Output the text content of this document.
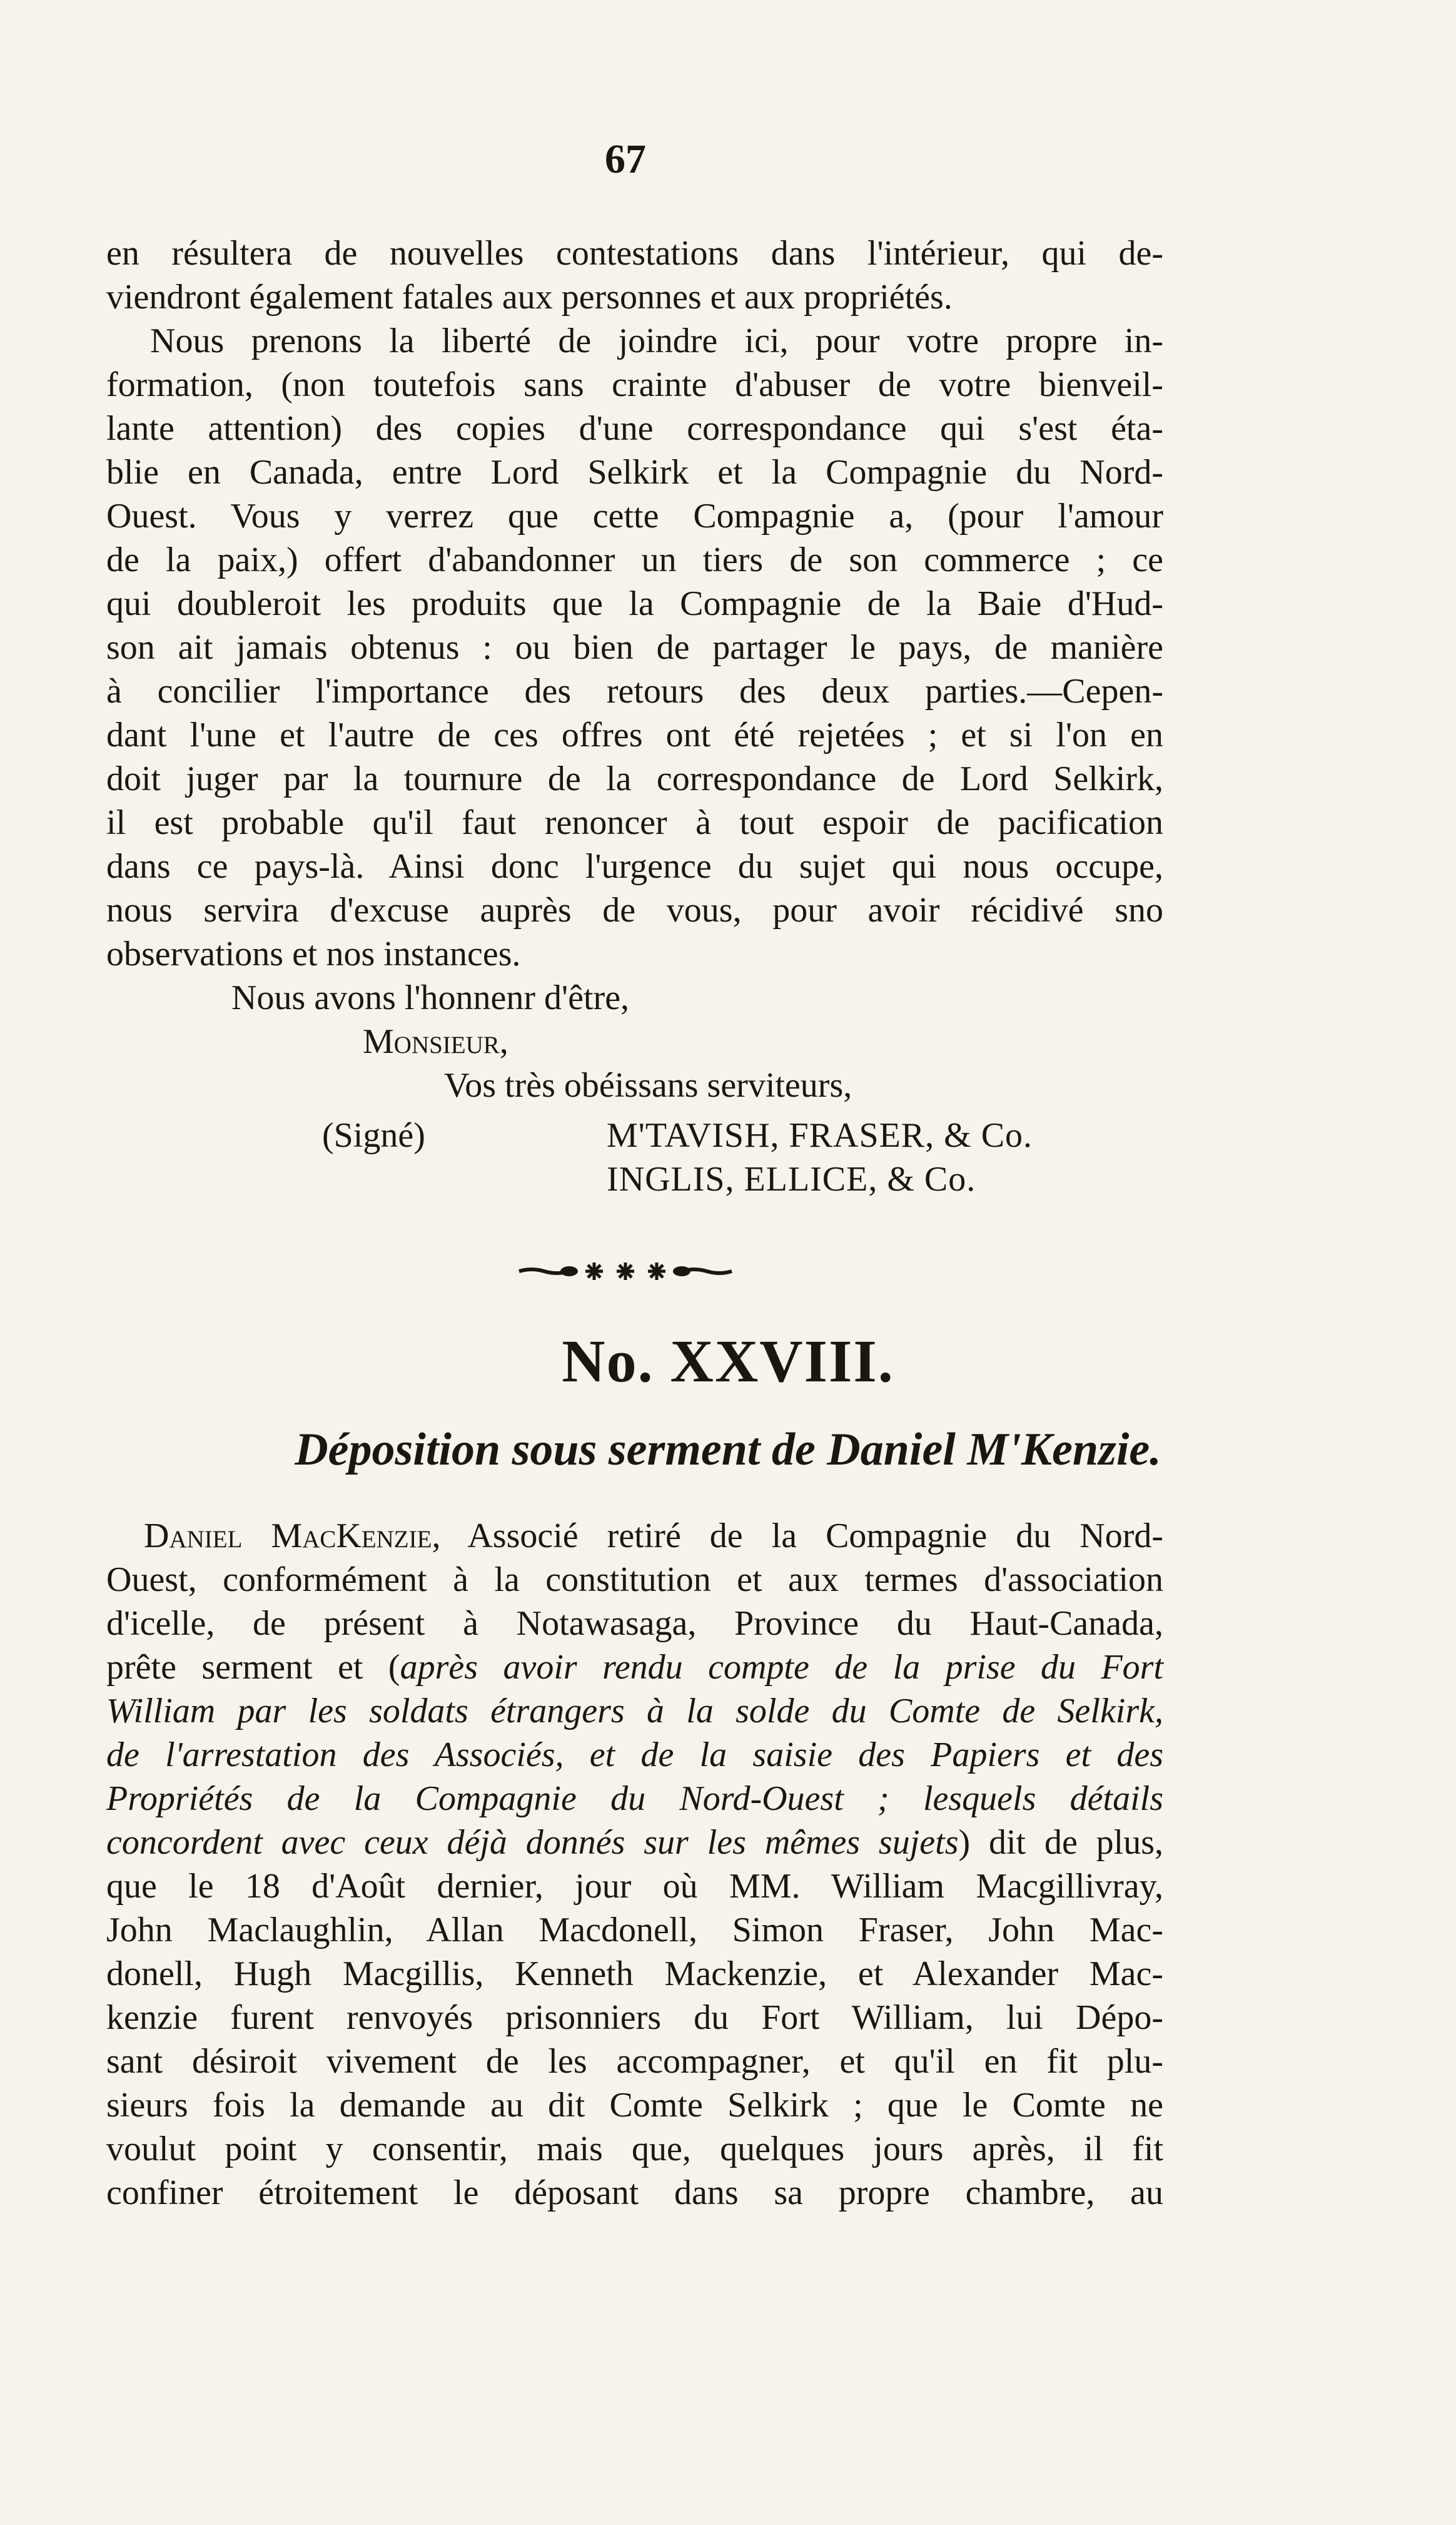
67
en résultera de nouvelles contestations dans l'intérieur, qui de-
viendront également fatales aux personnes et aux propriétés.
Nous prenons la liberté de joindre ici, pour votre propre in-
formation, (non toutefois sans crainte d'abuser de votre bienveil-
lante attention) des copies d'une correspondance qui s'est éta-
blie en Canada, entre Lord Selkirk et la Compagnie du Nord-
Ouest. Vous y verrez que cette Compagnie a, (pour l'amour
de la paix,) offert d'abandonner un tiers de son commerce ; ce
qui doubleroit les produits que la Compagnie de la Baie d'Hud-
son ait jamais obtenus : ou bien de partager le pays, de manière
à concilier l'importance des retours des deux parties.—Cepen-
dant l'une et l'autre de ces offres ont été rejetées ; et si l'on en
doit juger par la tournure de la correspondance de Lord Selkirk,
il est probable qu'il faut renoncer à tout espoir de pacification
dans ce pays-là. Ainsi donc l'urgence du sujet qui nous occupe,
nous servira d'excuse auprès de vous, pour avoir récidivé sno
observations et nos instances.
Nous avons l'honnenr d'être,
Monsieur,
Vos très obéissans serviteurs,
(Signé)	M'TAVISH, FRASER, & Co.
INGLIS, ELLICE, & Co.
No. XXVIII.
Déposition sous serment de Daniel M'Kenzie.
Daniel MacKenzie, Associé retiré de la Compagnie du Nord-
Ouest, conformément à la constitution et aux termes d'association
d'icelle, de présent à Notawasaga, Province du Haut-Canada,
prête serment et (après avoir rendu compte de la prise du Fort
William par les soldats étrangers à la solde du Comte de Selkirk,
de l'arrestation des Associés, et de la saisie des Papiers et des
Propriétés de la Compagnie du Nord-Ouest ; lesquels détails
concordent avec ceux déjà donnés sur les mêmes sujets) dit de plus,
que le 18 d'Août dernier, jour où MM. William Macgillivray,
John Maclaughlin, Allan Macdonell, Simon Fraser, John Mac-
donell, Hugh Macgillis, Kenneth Mackenzie, et Alexander Mac-
kenzie furent renvoyés prisonniers du Fort William, lui Dépo-
sant désiroit vivement de les accompagner, et qu'il en fit plu-
sieurs fois la demande au dit Comte Selkirk ; que le Comte ne
voulut point y consentir, mais que, quelques jours après, il fit
confiner étroitement le déposant dans sa propre chambre, au
